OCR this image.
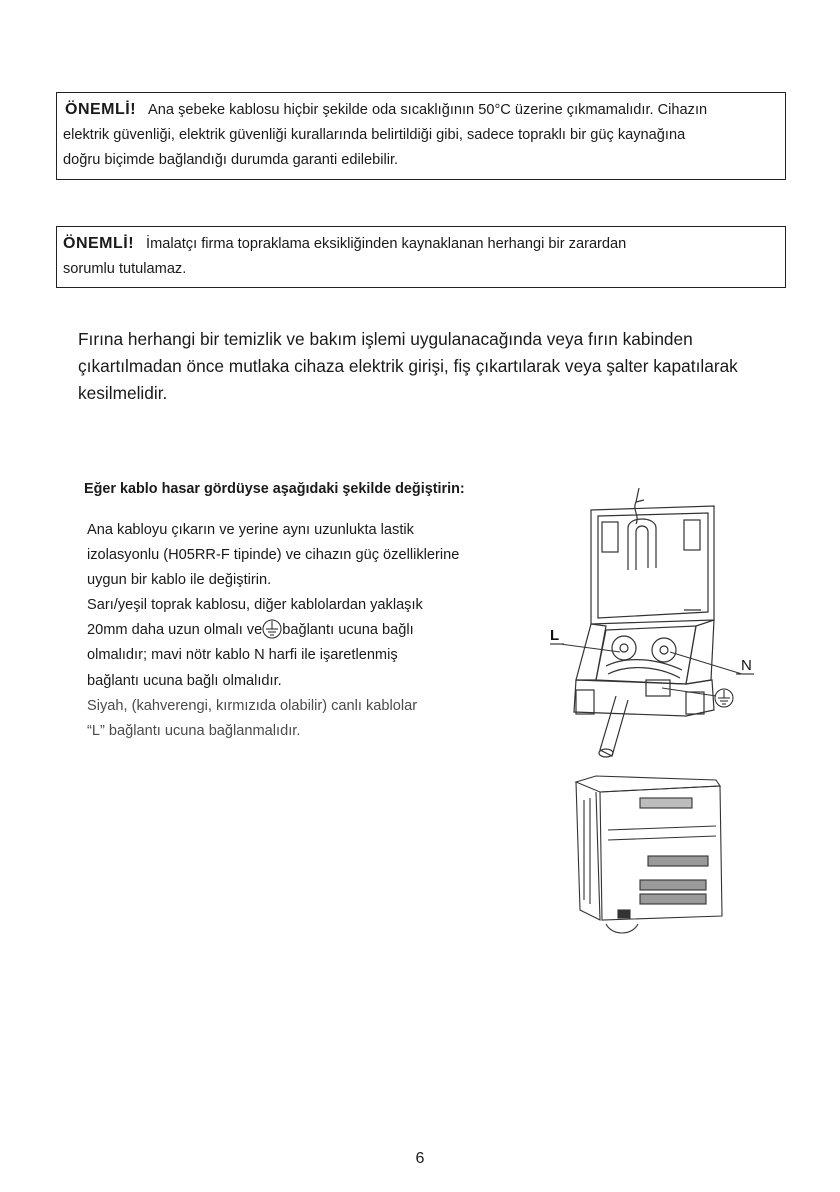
ÖNEMLİ! Ana şebeke kablosu hiçbir şekilde oda sıcaklığının 50°C üzerine çıkmamalıdır. Cihazın
elektrik güvenliği, elektrik güvenliği kurallarında belirtildiği gibi, sadece topraklı bir güç kaynağına
doğru biçimde bağlandığı durumda garanti edilebilir.
ÖNEMLİ! İmalatçı firma topraklama eksikliğinden kaynaklanan herhangi bir zarardan
sorumlu tutulamaz.
Fırına herhangi bir temizlik ve bakım işlemi uygulanacağında veya fırın kabinden
çıkartılmadan önce mutlaka cihaza elektrik girişi, fiş çıkartılarak veya şalter kapatılarak
kesilmelidir.
Eğer kablo hasar gördüyse aşağıdaki şekilde değiştirin:
Ana kabloyu çıkarın ve yerine aynı uzunlukta lastik
izolasyonlu (H05RR-F tipinde) ve cihazın güç özelliklerine
uygun bir kablo ile değiştirin.
Sarı/yeşil toprak kablosu, diğer kablolardan yaklaşık
20mm daha uzun olmalı ve bağlantı ucuna bağlı
olmalıdır; mavi nötr kablo N harfi ile işaretlenmiş
bağlantı ucuna bağlı olmalıdır.
Siyah, (kahverengi, kırmızıda olabilir) canlı kablolar
“L” bağlantı ucuna bağlanmalıdır.
L
N
6
